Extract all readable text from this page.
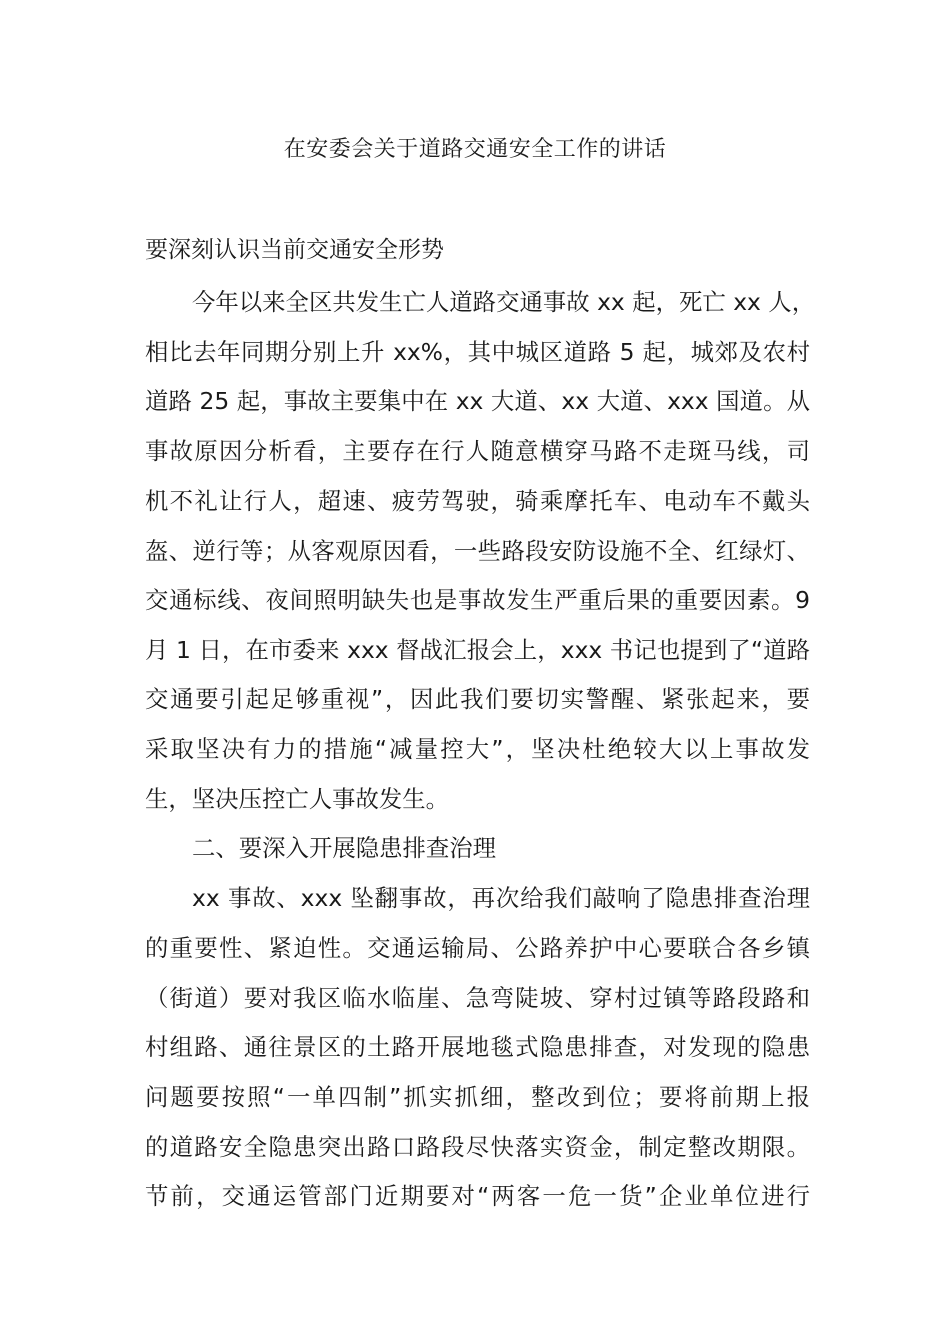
在安委会关于道路交通安全工作的讲话
要深刻认识当前交通安全形势
今年以来全区共发生亡人道路交通事故 xx 起，死亡 xx 人，
相比去年同期分别上升 xx%，其中城区道路 5 起，城郊及农村
道路 25 起，事故主要集中在 xx 大道、xx 大道、xxx 国道。从
事故原因分析看，主要存在行人随意横穿马路不走斑马线，司
机不礼让行人，超速、疲劳驾驶，骑乘摩托车、电动车不戴头
盔、逆行等；从客观原因看，一些路段安防设施不全、红绿灯、
交通标线、夜间照明缺失也是事故发生严重后果的重要因素。9
月 1 日，在市委来 xxx 督战汇报会上，xxx 书记也提到了“道路
交通要引起足够重视”，因此我们要切实警醒、紧张起来，要
采取坚决有力的措施“减量控大”，坚决杜绝较大以上事故发
生，坚决压控亡人事故发生。
二、要深入开展隐患排查治理
xx 事故、xxx 坠翻事故，再次给我们敲响了隐患排查治理
的重要性、紧迫性。交通运输局、公路养护中心要联合各乡镇
（街道）要对我区临水临崖、急弯陡坡、穿村过镇等路段路和
村组路、通往景区的土路开展地毯式隐患排查，对发现的隐患
问题要按照“一单四制”抓实抓细，整改到位；要将前期上报
的道路安全隐患突出路口路段尽快落实资金，制定整改期限。
节前，交通运管部门近期要对“两客一危一货”企业单位进行
